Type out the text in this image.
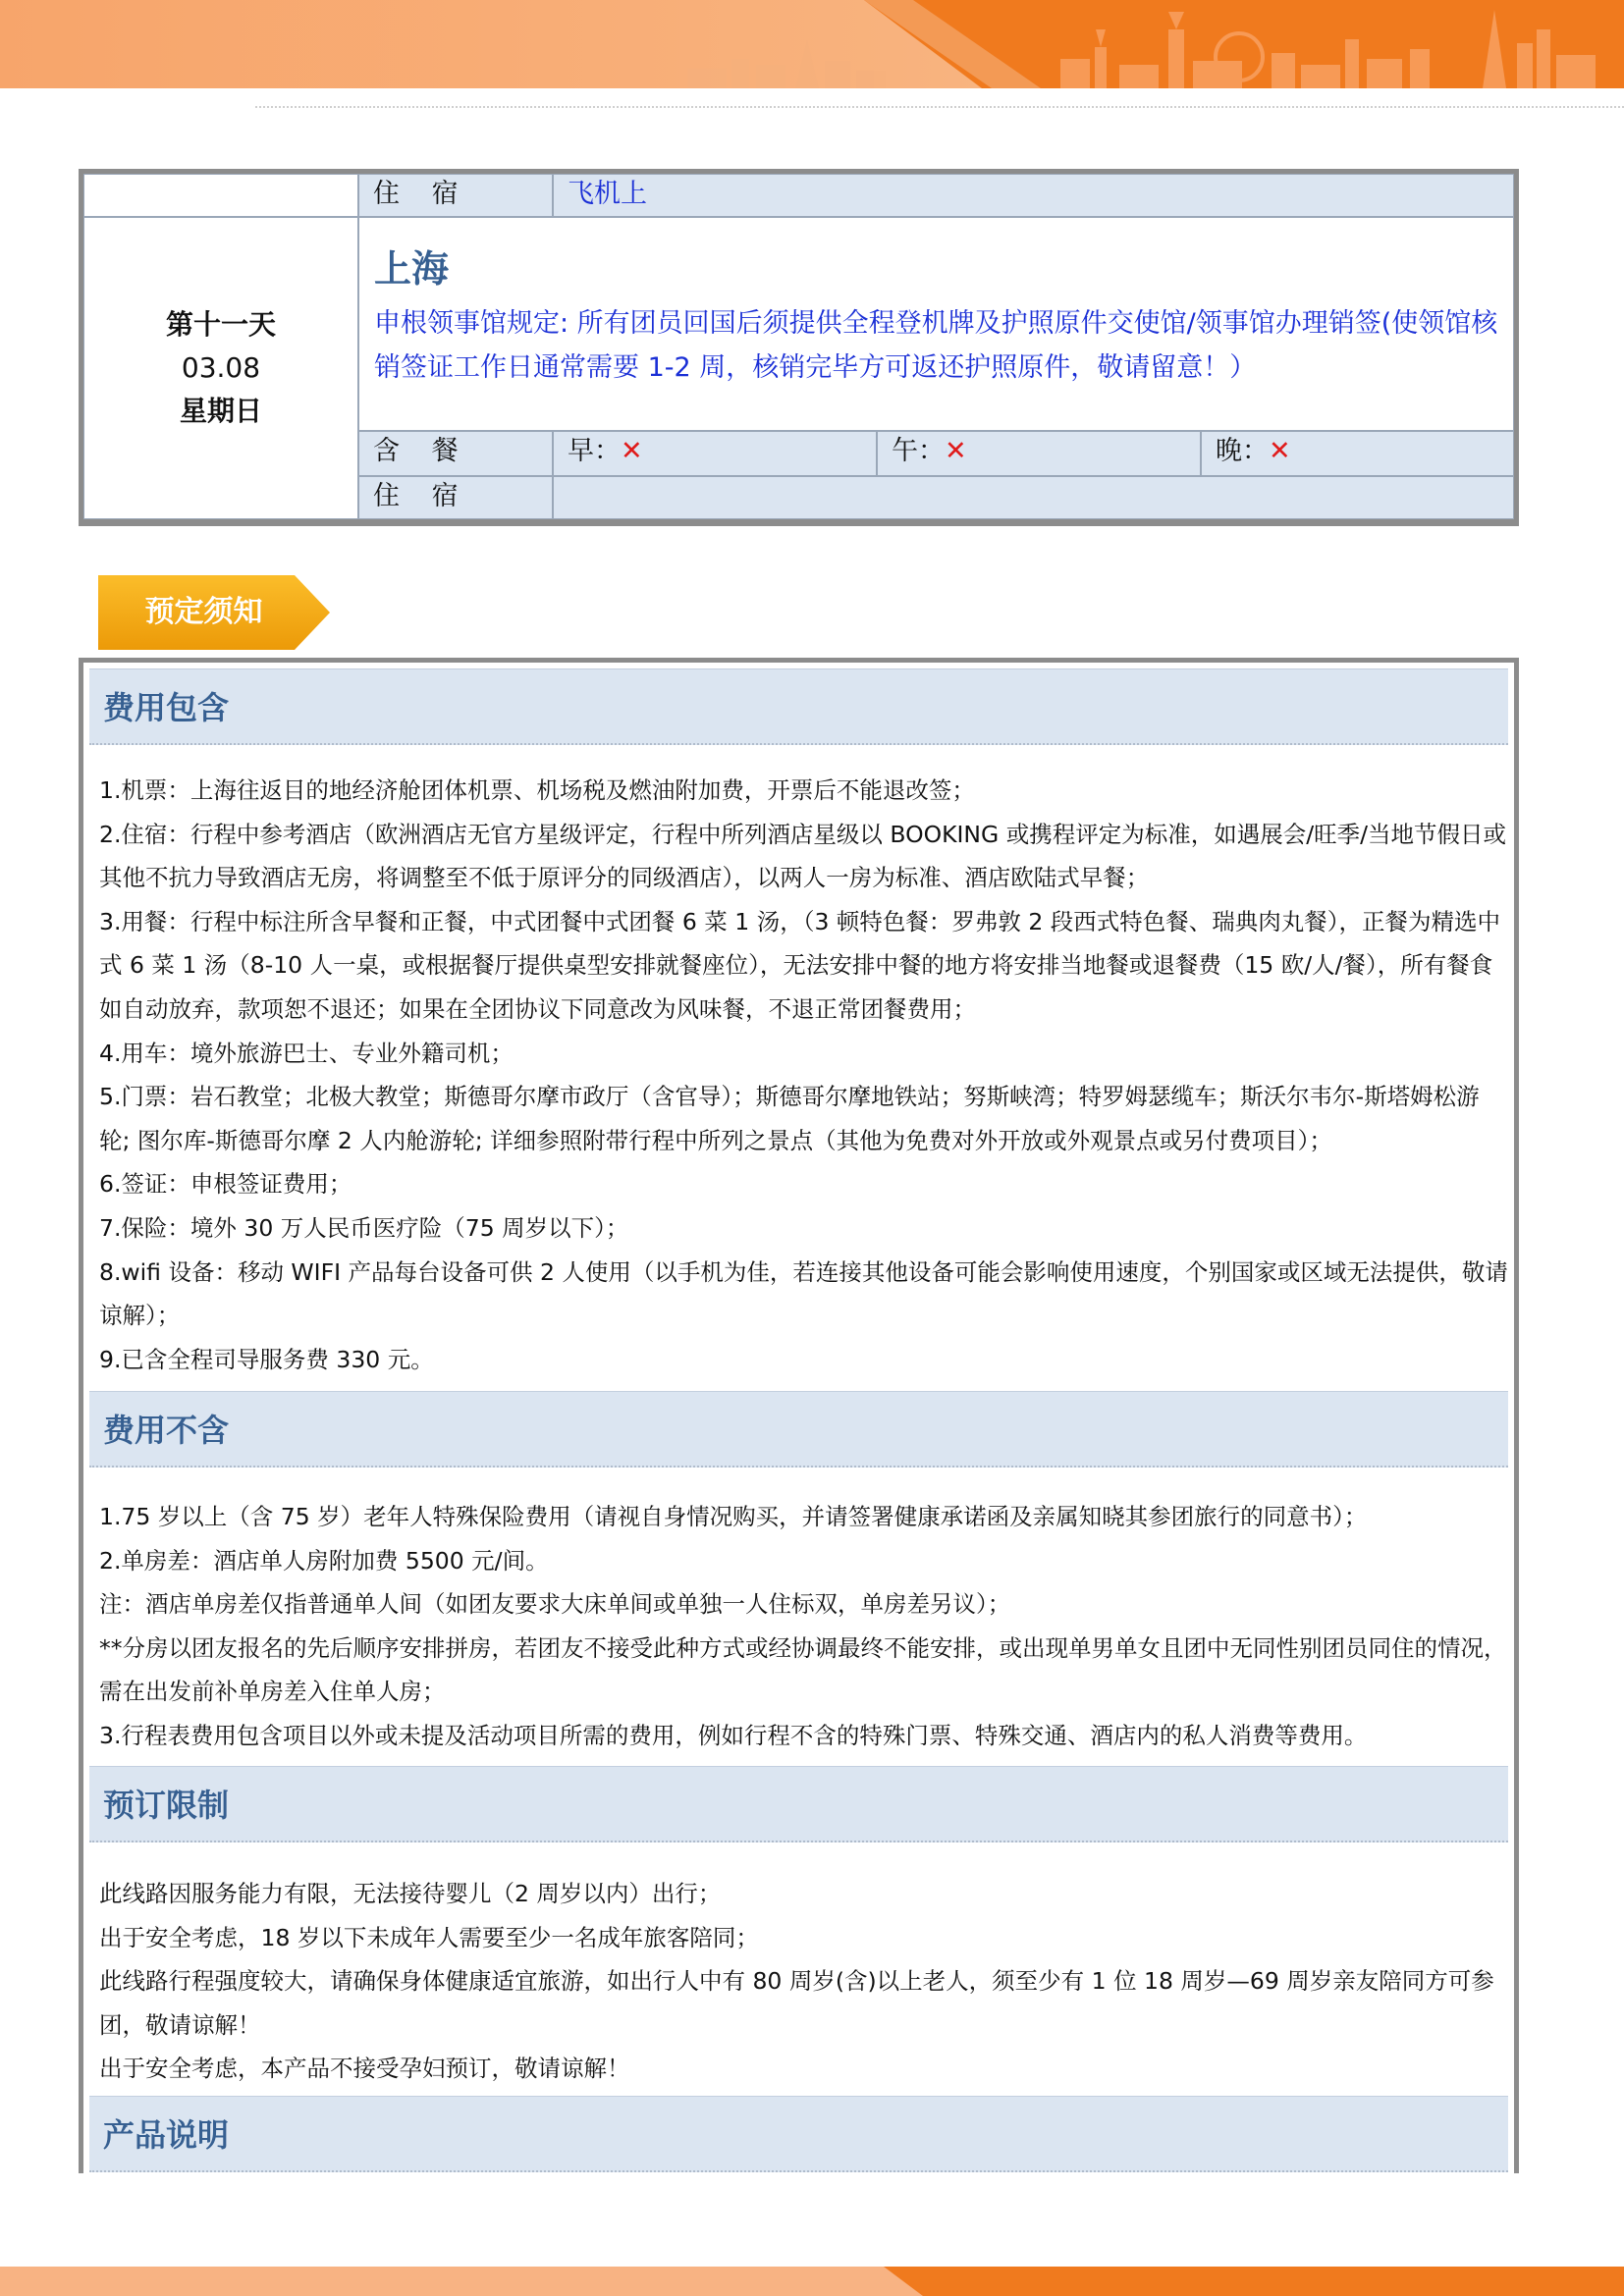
住 宿	飞机上
第十一天
03.08
星期日
上海
申根领事馆规定: 所有团员回国后须提供全程登机牌及护照原件交使馆/领事馆办理销签(使领馆核销签证工作日通常需要 1-2 周，核销完毕方可返还护照原件，敬请留意！）
含 餐	早：✕	午：✕	晚：✕
住 宿
预定须知
费用包含

1.机票：上海往返目的地经济舱团体机票、机场税及燃油附加费，开票后不能退改签；

2.住宿：行程中参考酒店（欧洲酒店无官方星级评定，行程中所列酒店星级以 BOOKING 或携程评定为标准，如遇展会/旺季/当地节假日或其他不抗力导致酒店无房，将调整至不低于原评分的同级酒店），以两人一房为标准、酒店欧陆式早餐；

3.用餐：行程中标注所含早餐和正餐，中式团餐中式团餐 6 菜 1 汤，（3 顿特色餐：罗弗敦 2 段西式特色餐、瑞典肉丸餐），正餐为精选中式 6 菜 1 汤（8-10 人一桌，或根据餐厅提供桌型安排就餐座位），无法安排中餐的地方将安排当地餐或退餐费（15 欧/人/餐），所有餐食如自动放弃，款项恕不退还；如果在全团协议下同意改为风味餐，不退正常团餐费用；

4.用车：境外旅游巴士、专业外籍司机；

5.门票：岩石教堂；北极大教堂；斯德哥尔摩市政厅（含官导）；斯德哥尔摩地铁站；努斯峡湾；特罗姆瑟缆车；斯沃尔韦尔-斯塔姆松游轮; 图尔库-斯德哥尔摩 2 人内舱游轮; 详细参照附带行程中所列之景点（其他为免费对外开放或外观景点或另付费项目）；

6.签证：申根签证费用；

7.保险：境外 30 万人民币医疗险（75 周岁以下）；

8.wifi 设备：移动 WIFI 产品每台设备可供 2 人使用（以手机为佳，若连接其他设备可能会影响使用速度，个别国家或区域无法提供，敬请谅解）；

9.已含全程司导服务费 330 元。

费用不含

1.75 岁以上（含 75 岁）老年人特殊保险费用（请视自身情况购买，并请签署健康承诺函及亲属知晓其参团旅行的同意书）；

2.单房差：酒店单人房附加费 5500 元/间。

注：酒店单房差仅指普通单人间（如团友要求大床单间或单独一人住标双，单房差另议）；

**分房以团友报名的先后顺序安排拼房，若团友不接受此种方式或经协调最终不能安排，或出现单男单女且团中无同性别团员同住的情况，需在出发前补单房差入住单人房；

3.行程表费用包含项目以外或未提及活动项目所需的费用，例如行程不含的特殊门票、特殊交通、酒店内的私人消费等费用。

预订限制

此线路因服务能力有限，无法接待婴儿（2 周岁以内）出行；

出于安全考虑，18 岁以下未成年人需要至少一名成年旅客陪同；

此线路行程强度较大，请确保身体健康适宜旅游，如出行人中有 80 周岁(含)以上老人，须至少有 1 位 18 周岁—69 周岁亲友陪同方可参团，敬请谅解！

出于安全考虑，本产品不接受孕妇预订，敬请谅解！

产品说明
